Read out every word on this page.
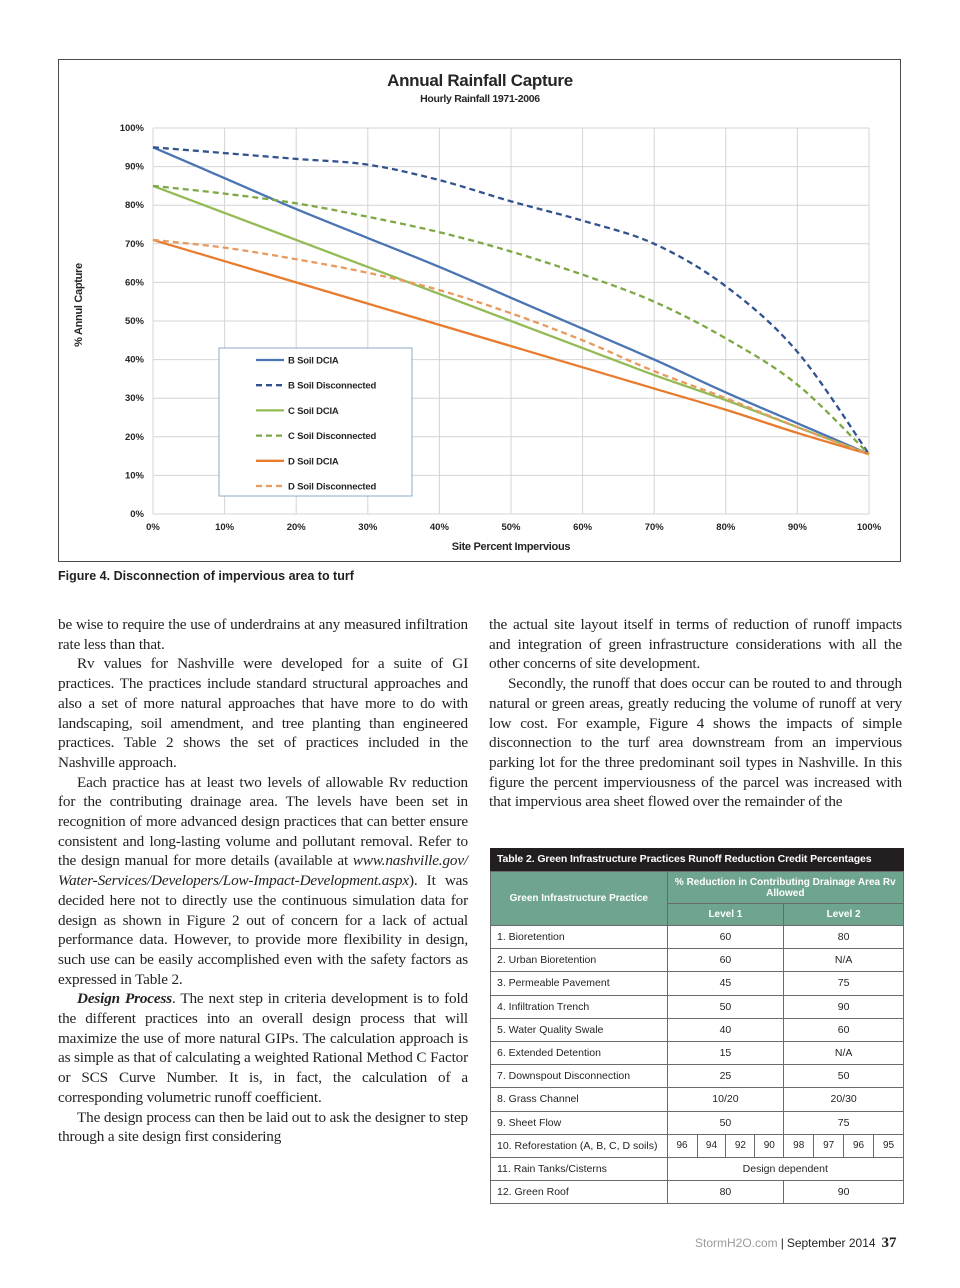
Annual Rainfall Capture
Hourly Rainfall 1971-2006
0%
10%
20%
30%
40%
50%
60%
70%
80%
90%
100%
0%	10%	20%	30%	40%	50%	60%	70%	80%	90%	100%
Site Percent Impervious
% Annul Capture
B Soil DCIA
B Soil Disconnected
C Soil DCIA
C Soil Disconnected
D Soil DCIA
D Soil Disconnected
Figure 4. Disconnection of impervious area to turf

be wise to require the use of underdrains at any measured infiltration rate less than that.

Rv values for Nashville were developed for a suite of GI practices. The practices include standard structural approaches and also a set of more natural approaches that have more to do with landscaping, soil amendment, and tree planting than engineered practices. Table 2 shows the set of practices included in the Nashville approach.

Each practice has at least two levels of allowable Rv reduction for the contributing drainage area. The levels have been set in recognition of more advanced design practices that can better ensure consistent and long-lasting volume and pollutant removal. Refer to the design manual for more details (available at www.nashville.gov/ Water-Services/Developers/Low-Impact-Development.aspx). It was decided here not to directly use the continuous simulation data for design as shown in Figure 2 out of concern for a lack of actual performance data. However, to provide more flexibility in design, such use can be easily accomplished even with the safety factors as expressed in Table 2.

Design Process. The next step in criteria development is to fold the different practices into an overall design process that will maximize the use of more natural GIPs. The calculation approach is as simple as that of calculating a weighted Rational Method C Factor or SCS Curve Number. It is, in fact, the calculation of a corresponding volumetric runoff coefficient.

The design process can then be laid out to ask the designer to step through a site design first considering

the actual site layout itself in terms of reduction of runoff impacts and integration of green infrastructure considerations with all the other concerns of site development.

Secondly, the runoff that does occur can be routed to and through natural or green areas, greatly reducing the volume of runoff at very low cost. For example, Figure 4 shows the impacts of simple disconnection to the turf area downstream from an impervious parking lot for the three predominant soil types in Nashville. In this figure the percent imperviousness of the parcel was increased with that impervious area sheet flowed over the remainder of the

Table 2. Green Infrastructure Practices Runoff Reduction Credit Percentages
Green Infrastructure Practice	% Reduction in Contributing Drainage Area Rv Allowed							
	Level 1				Level 2			
1. Bioretention	60				80			
2. Urban Bioretention	60				N/A			
3. Permeable Pavement	45				75			
4. Infiltration Trench	50				90			
5. Water Quality Swale	40				60			
6. Extended Detention	15				N/A			
7. Downspout Disconnection	25				50			
8. Grass Channel	10/20				20/30			
9. Sheet Flow	50				75			
10. Reforestation (A, B, C, D soils)	96	94	92	90	98	97	96	95
11. Rain Tanks/Cisterns	Design dependent							
12. Green Roof	80				90			
StormH2O.com | September 2014 37
